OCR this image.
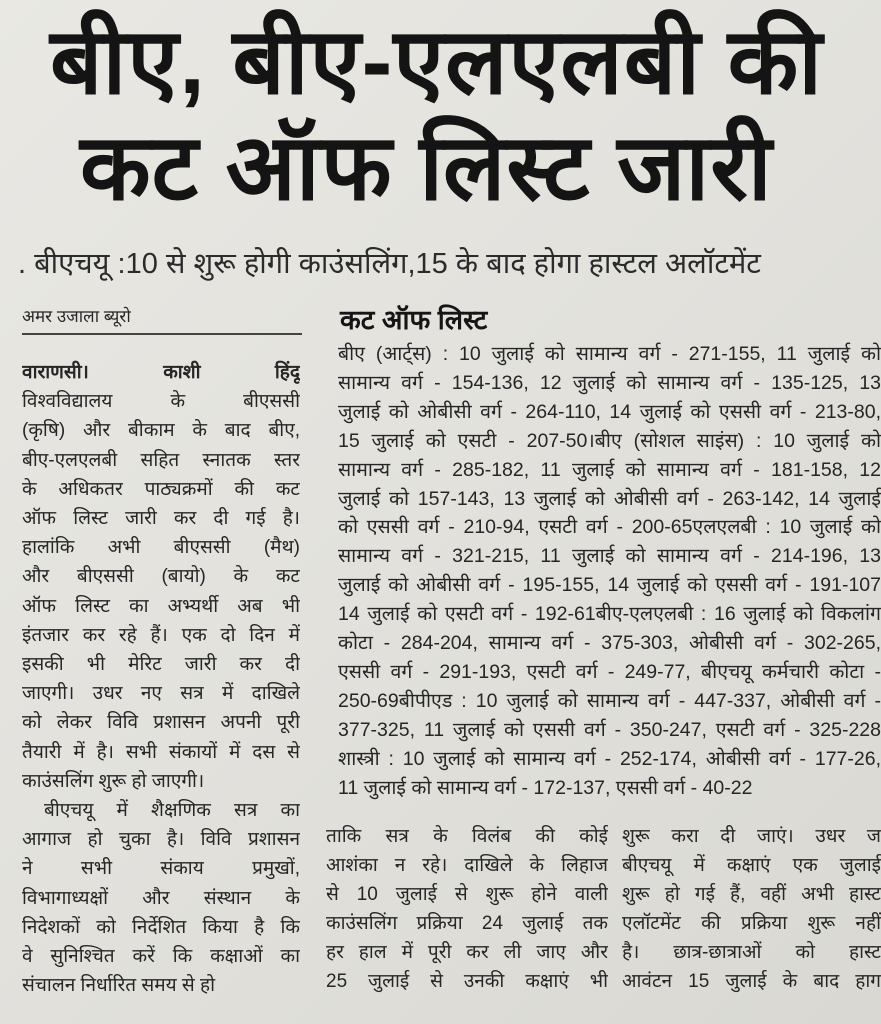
बीए, बीए-एलएलबी की
कट ऑफ लिस्ट जारी
. बीएचयू :10 से शुरू होगी काउंसलिंग,15 के बाद होगा हास्टल अलॉटमेंट
अमर उजाला ब्यूरो
वाराणसी। काशी हिंदू
विश्वविद्यालय के बीएससी
(कृषि) और बीकाम के बाद बीए,
बीए-एलएलबी सहित स्नातक स्तर
के अधिकतर पाठ्यक्रमों की कट
ऑफ लिस्ट जारी कर दी गई है।
हालांकि अभी बीएससी (मैथ)
और बीएससी (बायो) के कट
ऑफ लिस्ट का अभ्यर्थी अब भी
इंतजार कर रहे हैं। एक दो दिन में
इसकी भी मेरिट जारी कर दी
जाएगी। उधर नए सत्र में दाखिले
को लेकर विवि प्रशासन अपनी पूरी
तैयारी में है। सभी संकायों में दस से
काउंसलिंग शुरू हो जाएगी।
बीएचयू में शैक्षणिक सत्र का
आगाज हो चुका है। विवि प्रशासन
ने सभी संकाय प्रमुखों,
विभागाध्यक्षों और संस्थान के
निदेशकों को निर्देशित किया है कि
वे सुनिश्चित करें कि कक्षाओं का
संचालन निर्धारित समय से हो
कट ऑफ लिस्ट
बीए (आर्ट्स) : 10 जुलाई को सामान्य वर्ग - 271-155, 11 जुलाई को
सामान्य वर्ग - 154-136, 12 जुलाई को सामान्य वर्ग - 135-125, 13
जुलाई को ओबीसी वर्ग - 264-110, 14 जुलाई को एससी वर्ग - 213-80,
15 जुलाई को एसटी - 207-50।बीए (सोशल साइंस) : 10 जुलाई को
सामान्य वर्ग - 285-182, 11 जुलाई को सामान्य वर्ग - 181-158, 12
जुलाई को 157-143, 13 जुलाई को ओबीसी वर्ग - 263-142, 14 जुलाई
को एससी वर्ग - 210-94, एसटी वर्ग - 200-65एलएलबी : 10 जुलाई को
सामान्य वर्ग - 321-215, 11 जुलाई को सामान्य वर्ग - 214-196, 13
जुलाई को ओबीसी वर्ग - 195-155, 14 जुलाई को एससी वर्ग - 191-107
14 जुलाई को एसटी वर्ग - 192-61बीए-एलएलबी : 16 जुलाई को विकलांग
कोटा - 284-204, सामान्य वर्ग - 375-303, ओबीसी वर्ग - 302-265,
एससी वर्ग - 291-193, एसटी वर्ग - 249-77, बीएचयू कर्मचारी कोटा -
250-69बीपीएड : 10 जुलाई को सामान्य वर्ग - 447-337, ओबीसी वर्ग -
377-325, 11 जुलाई को एससी वर्ग - 350-247, एसटी वर्ग - 325-228
शास्त्री : 10 जुलाई को सामान्य वर्ग - 252-174, ओबीसी वर्ग - 177-26,
11 जुलाई को सामान्य वर्ग - 172-137, एससी वर्ग - 40-22
ताकि सत्र के विलंब की कोई
आशंका न रहे। दाखिले के लिहाज
से 10 जुलाई से शुरू होने वाली
काउंसलिंग प्रक्रिया 24 जुलाई तक
हर हाल में पूरी कर ली जाए और
25 जुलाई से उनकी कक्षाएं भी
शुरू करा दी जाएं। उधर ज
बीएचयू में कक्षाएं एक जुलाई
शुरू हो गई हैं, वहीं अभी हास्ट
एलॉटमेंट की प्रक्रिया शुरू नहीं
है। छात्र-छात्राओं को हास्ट
आवंटन 15 जुलाई के बाद हाग
